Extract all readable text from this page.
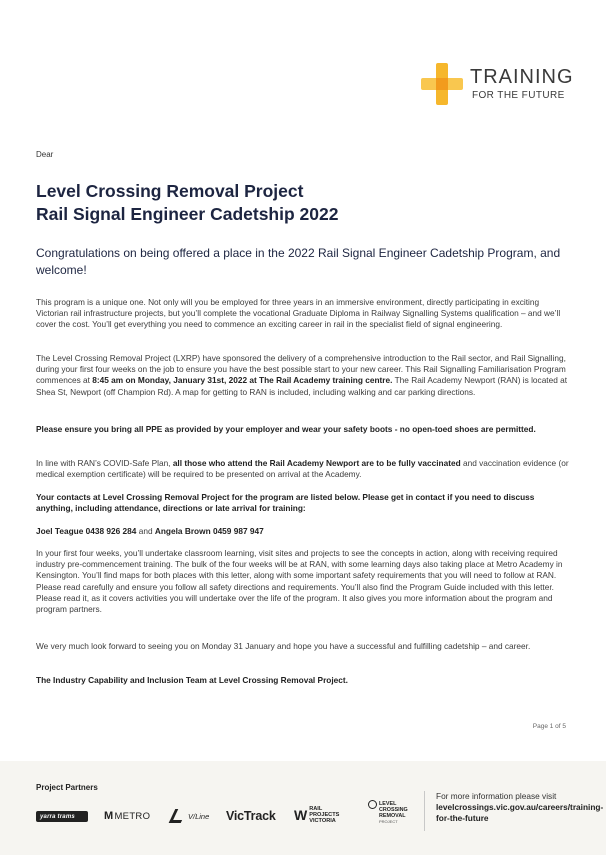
TRAINING
FOR THE FUTURE
Dear
Level Crossing Removal Project
Rail Signal Engineer Cadetship 2022
Congratulations on being offered a place in the 2022 Rail Signal Engineer Cadetship Program, and welcome!
This program is a unique one. Not only will you be employed for three years in an immersive environment, directly participating in exciting Victorian rail infrastructure projects, but you’ll complete the vocational Graduate Diploma in Railway Signalling Systems qualification – and we’ll cover the cost. You’ll get everything you need to commence an exciting career in rail in the specialist field of signal engineering.
The Level Crossing Removal Project (LXRP) have sponsored the delivery of a comprehensive introduction to the Rail sector, and Rail Signalling, during your first four weeks on the job to ensure you have the best possible start to your new career. This Rail Signalling Familiarisation Program commences at 8:45 am on Monday, January 31st, 2022 at The Rail Academy training centre. The Rail Academy Newport (RAN) is located at Shea St, Newport (off Champion Rd). A map for getting to RAN is included, including walking and car parking directions.
Please ensure you bring all PPE as provided by your employer and wear your safety boots - no open-toed shoes are permitted.
In line with RAN’s COVID-Safe Plan, all those who attend the Rail Academy Newport are to be fully vaccinated and vaccination evidence (or medical exemption certificate) will be required to be presented on arrival at the Academy.
Your contacts at Level Crossing Removal Project for the program are listed below. Please get in contact if you need to discuss anything, including attendance, directions or late arrival for training:
Joel Teague 0438 926 284 and Angela Brown 0459 987 947
In your first four weeks, you’ll undertake classroom learning, visit sites and projects to see the concepts in action, along with receiving required industry pre-commencement training. The bulk of the four weeks will be at RAN, with some learning days also taking place at Metro Academy in Kensington. You’ll find maps for both places with this letter, along with some important safety requirements that you will need to follow at RAN. Please read carefully and ensure you follow all safety directions and requirements. You’ll also find the Program Guide included with this letter. Please read it, as it covers activities you will undertake over the life of the program. It also gives you more information about the program and program partners.
We very much look forward to seeing you on Monday 31 January and hope you have a successful and fulfilling cadetship – and career.
The Industry Capability and Inclusion Team at Level Crossing Removal Project.
Page 1 of 5
Project Partners
yarra trams	M METRO	V/Line VicTrack W RAIL
PROJECTS
VICTORIA
LEVEL
CROSSING
REMOVAL
PROJECT
For more information please visit levelcrossings.vic.gov.au/careers/training-for-the-future
